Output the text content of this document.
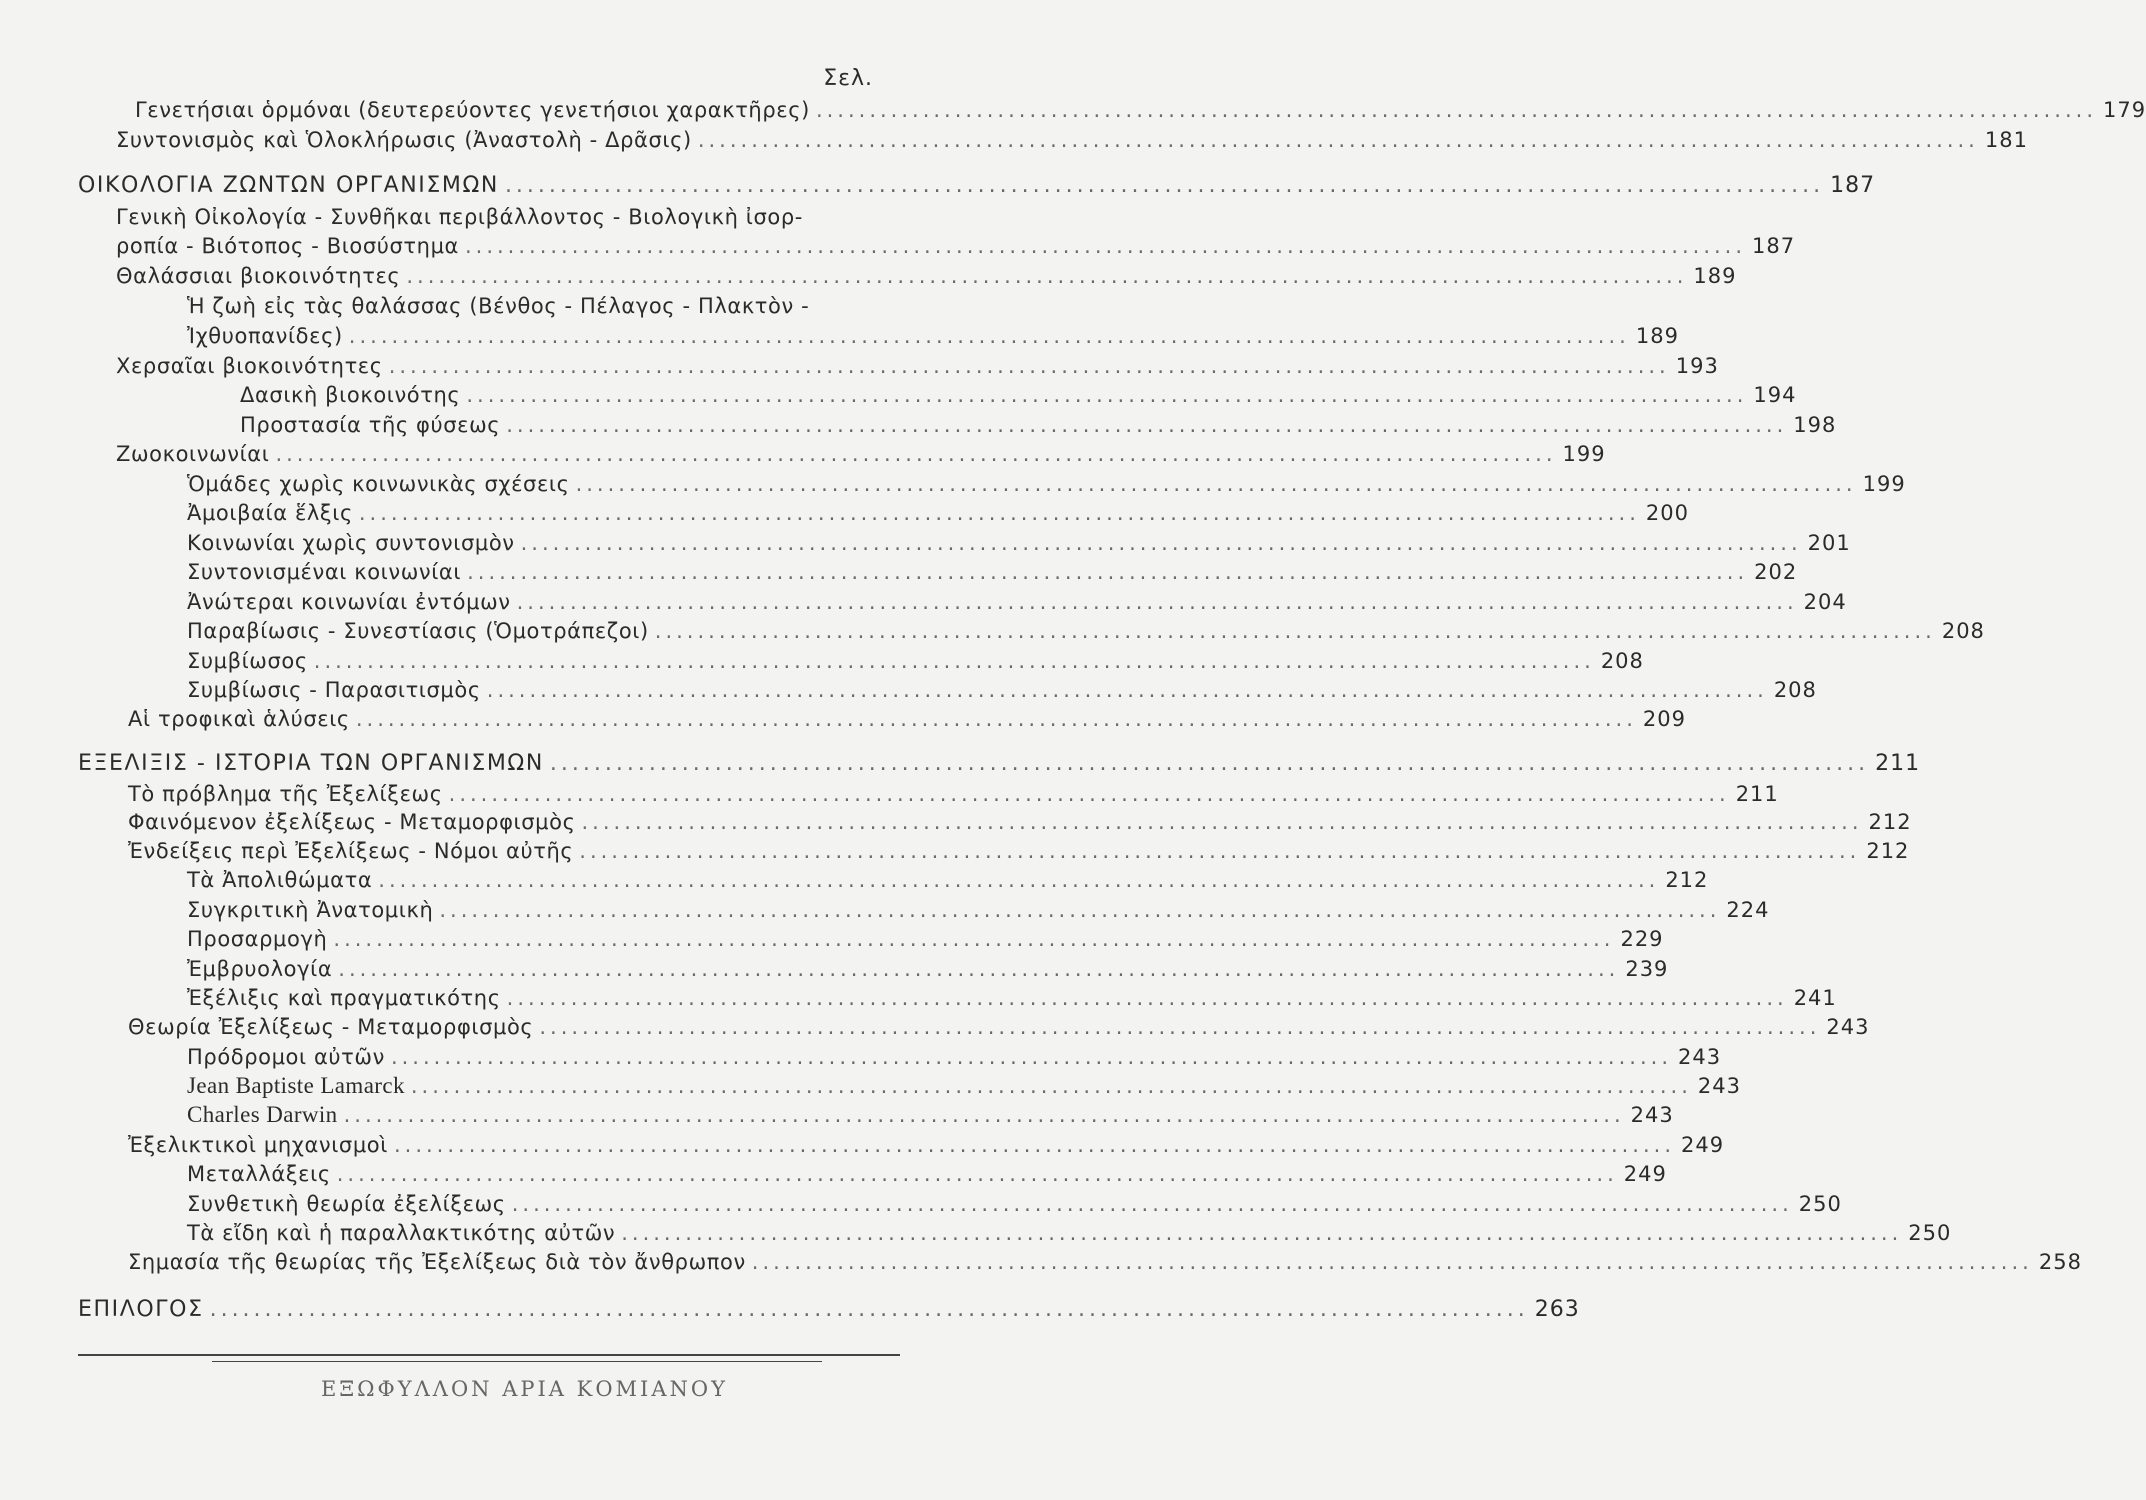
Σελ.
Γενετήσιαι ὁρμόναι (δευτερεύοντες γενετήσιοι χαρακτῆρες) ........................................................................................................................ 179
Συντονισμὸς καὶ Ὁλοκλήρωσις (Ἀναστολὴ - Δρᾶσις) ........................................................................................................................ 181
ΟΙΚΟΛΟΓΙΑ ΖΩΝΤΩΝ ΟΡΓΑΝΙΣΜΩΝ ........................................................................................................................ 187
Γενικὴ Οἰκολογία - Συνθῆκαι περιβάλλοντος - Βιολογικὴ ἰσορ-
ροπία - Βιότοπος - Βιοσύστημα ........................................................................................................................ 187
Θαλάσσιαι βιοκοινότητες ........................................................................................................................ 189
Ἡ ζωὴ εἰς τὰς θαλάσσας (Βένθος - Πέλαγος - Πλακτὸν -
Ἰχθυοπανίδες) ........................................................................................................................ 189
Χερσαῖαι βιοκοινότητες ........................................................................................................................ 193
Δασικὴ βιοκοινότης ........................................................................................................................ 194
Προστασία τῆς φύσεως ........................................................................................................................ 198
Ζωοκοινωνίαι ........................................................................................................................ 199
Ὁμάδες χωρὶς κοινωνικὰς σχέσεις ........................................................................................................................ 199
Ἀμοιβαία ἕλξις ........................................................................................................................ 200
Κοινωνίαι χωρὶς συντονισμὸν ........................................................................................................................ 201
Συντονισμέναι κοινωνίαι ........................................................................................................................ 202
Ἀνώτεραι κοινωνίαι ἐντόμων ........................................................................................................................ 204
Παραβίωσις - Συνεστίασις (Ὁμοτράπεζοι) ........................................................................................................................ 208
Συμβίωσος ........................................................................................................................ 208
Συμβίωσις - Παρασιτισμὸς ........................................................................................................................ 208
Αἱ τροφικαὶ ἁλύσεις ........................................................................................................................ 209
ΕΞΕΛΙΞΙΣ - ΙΣΤΟΡΙΑ ΤΩΝ ΟΡΓΑΝΙΣΜΩΝ ........................................................................................................................ 211
Τὸ πρόβλημα τῆς Ἐξελίξεως ........................................................................................................................ 211
Φαινόμενον ἐξελίξεως - Μεταμορφισμὸς ........................................................................................................................ 212
Ἐνδείξεις περὶ Ἐξελίξεως - Νόμοι αὐτῆς ........................................................................................................................ 212
Τὰ Ἀπολιθώματα ........................................................................................................................ 212
Συγκριτικὴ Ἀνατομικὴ ........................................................................................................................ 224
Προσαρμογὴ ........................................................................................................................ 229
Ἐμβρυολογία ........................................................................................................................ 239
Ἐξέλιξις καὶ πραγματικότης ........................................................................................................................ 241
Θεωρία Ἐξελίξεως - Μεταμορφισμὸς ........................................................................................................................ 243
Πρόδρομοι αὐτῶν ........................................................................................................................ 243
Jean Baptiste Lamarck ........................................................................................................................ 243
Charles Darwin ........................................................................................................................ 243
Ἐξελικτικοὶ μηχανισμοὶ ........................................................................................................................ 249
Μεταλλάξεις ........................................................................................................................ 249
Συνθετικὴ θεωρία ἐξελίξεως ........................................................................................................................ 250
Τὰ εἴδη καὶ ἡ παραλλακτικότης αὐτῶν ........................................................................................................................ 250
Σημασία τῆς θεωρίας τῆς Ἐξελίξεως διὰ τὸν ἄνθρωπον ........................................................................................................................ 258
ΕΠΙΛΟΓΟΣ ........................................................................................................................ 263
ΕΞΩΦΥΛΛΟΝ ΑΡΙΑ ΚΟΜΙΑΝΟΥ
